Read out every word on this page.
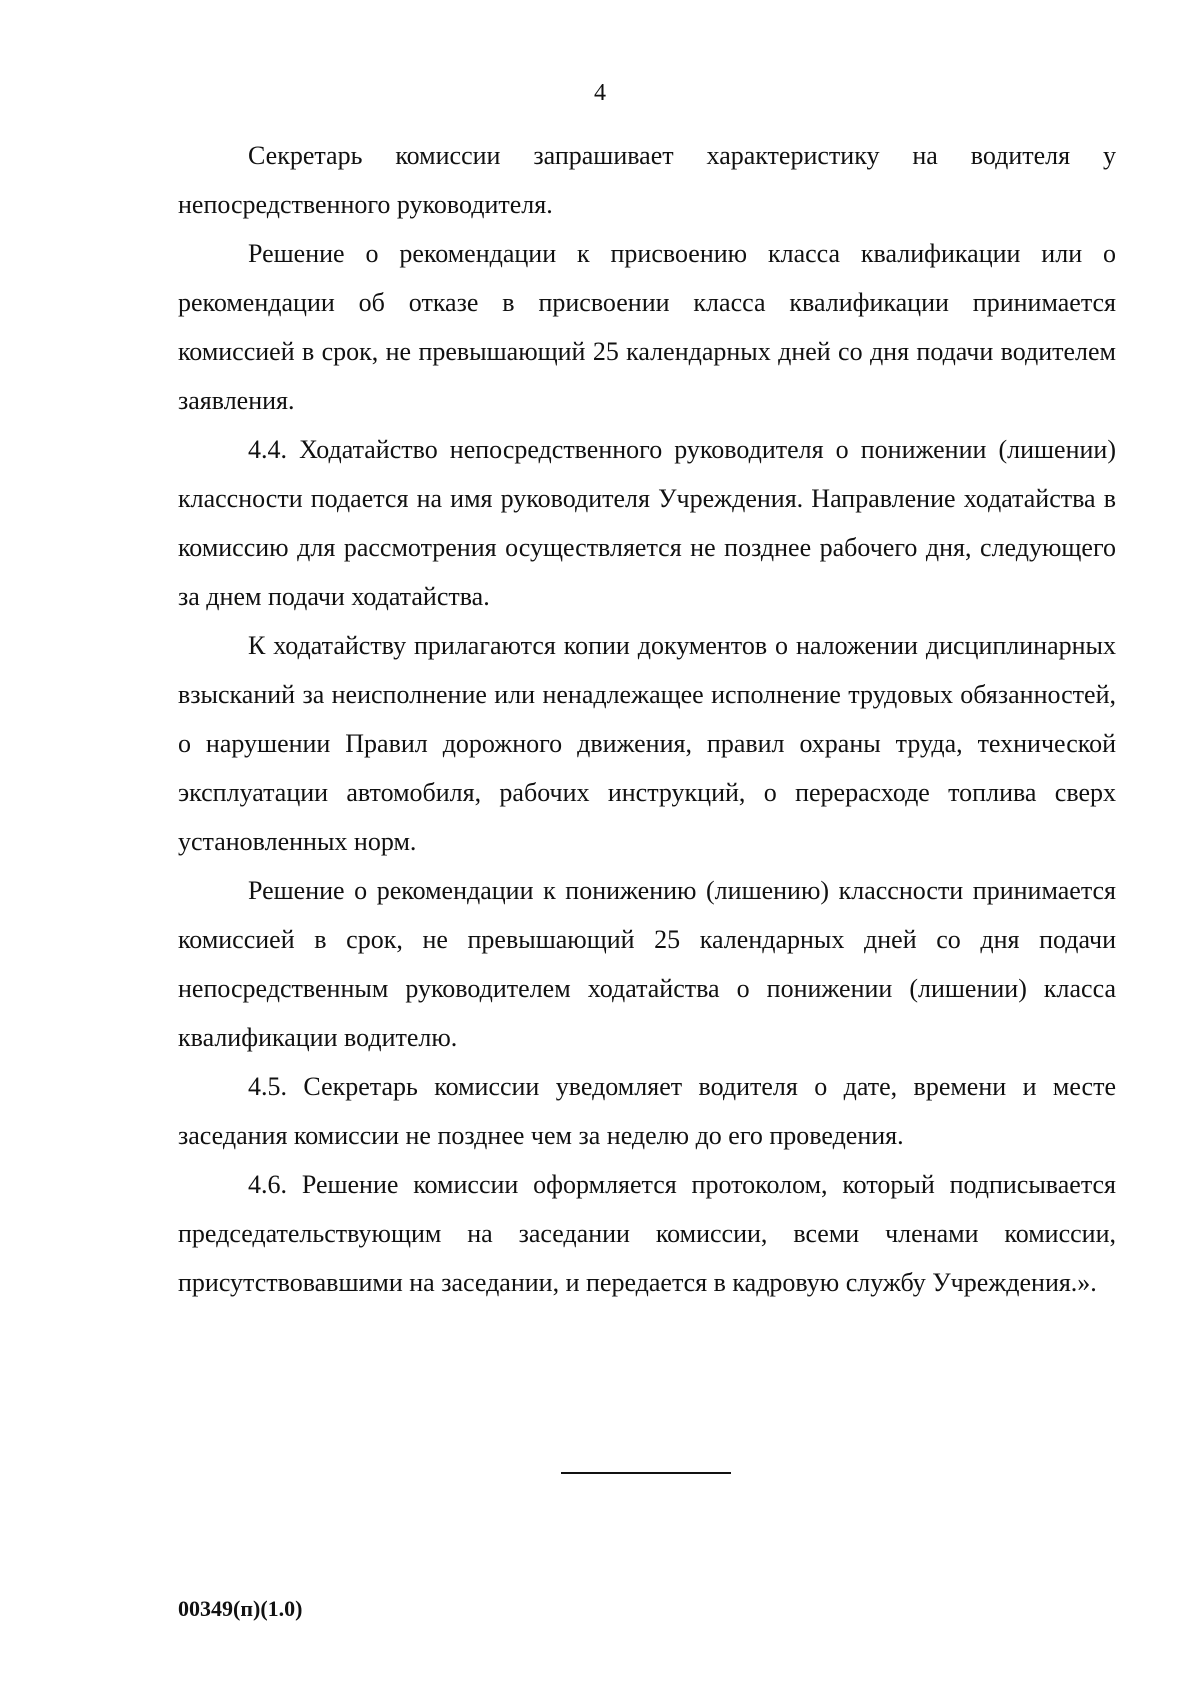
4

Секретарь комиссии запрашивает характеристику на водителя у непосредственного руководителя.

Решение о рекомендации к присвоению класса квалификации или о рекомендации об отказе в присвоении класса квалификации принимается комиссией в срок, не превышающий 25 календарных дней со дня подачи водителем заявления.

4.4. Ходатайство непосредственного руководителя о понижении (лишении) классности подается на имя руководителя Учреждения. Направление ходатайства в комиссию для рассмотрения осуществляется не позднее рабочего дня, следующего за днем подачи ходатайства.

К ходатайству прилагаются копии документов о наложении дисциплинарных взысканий за неисполнение или ненадлежащее исполнение трудовых обязанностей, о нарушении Правил дорожного движения, правил охраны труда, технической эксплуатации автомобиля, рабочих инструкций, о перерасходе топлива сверх установленных норм.

Решение о рекомендации к понижению (лишению) классности принимается комиссией в срок, не превышающий 25 календарных дней со дня подачи непосредственным руководителем ходатайства о понижении (лишении) класса квалификации водителю.

4.5. Секретарь комиссии уведомляет водителя о дате, времени и месте заседания комиссии не позднее чем за неделю до его проведения.

4.6. Решение комиссии оформляется протоколом, который подписывается председательствующим на заседании комиссии, всеми членами комиссии, присутствовавшими на заседании, и передается в кадровую службу Учреждения.».

00349(п)(1.0)
